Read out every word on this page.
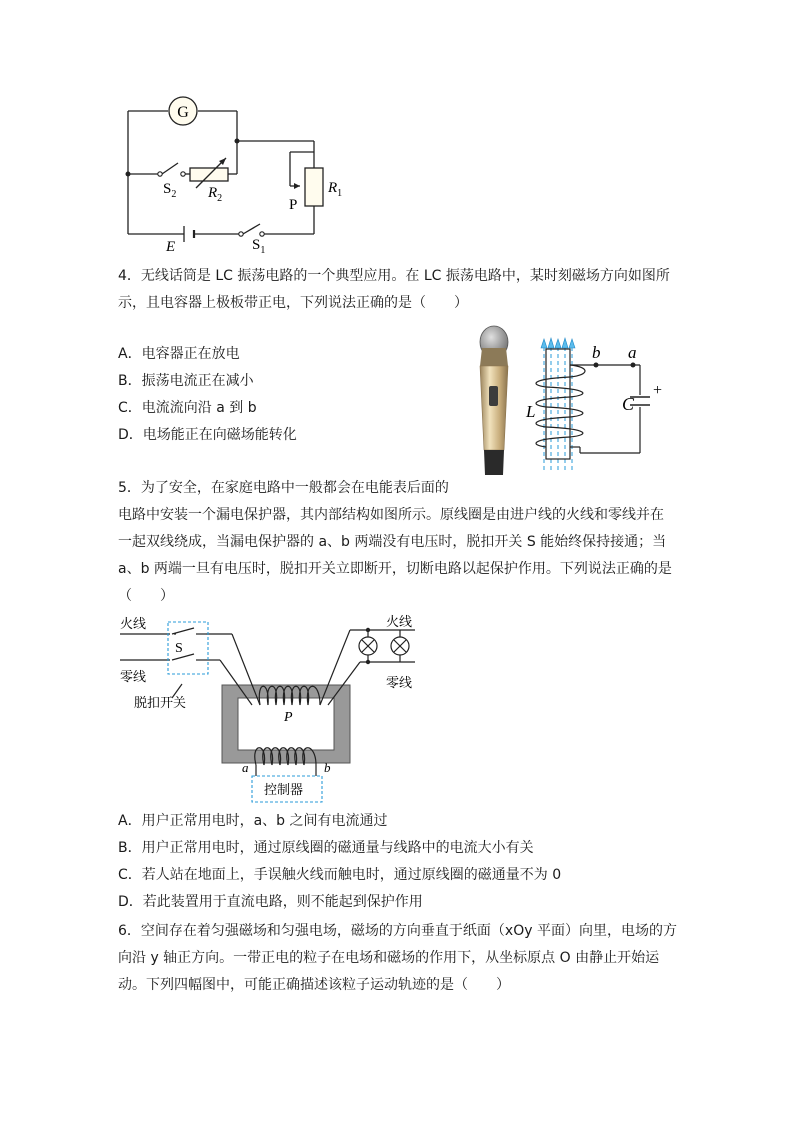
G
$S_2$ $R_2$
$R_1$
P
E	$S_1$
4．无线话筒是 LC 振荡电路的一个典型应用。在 LC 振荡电路中，某时刻磁场方向如图所
示，且电容器上极板带正电，下列说法正确的是（　　）
A．电容器正在放电
B．振荡电流正在减小
C．电流流向沿 a 到 b
D．电场能正在向磁场能转化
b a
L	C
+
5．为了安全，在家庭电路中一般都会在电能表后面的
电路中安装一个漏电保护器，其内部结构如图所示。原线圈是由进户线的火线和零线并在
一起双线绕成，当漏电保护器的 a、b 两端没有电压时，脱扣开关 S 能始终保持接通；当
a、b 两端一旦有电压时，脱扣开关立即断开，切断电路以起保护作用。下列说法正确的是
（　　）
火线
零线
S
脱扣开关
火线
零线
P
a	b
控制器
A．用户正常用电时，a、b 之间有电流通过
B．用户正常用电时，通过原线圈的磁通量与线路中的电流大小有关
C．若人站在地面上，手误触火线而触电时，通过原线圈的磁通量不为 0
D．若此装置用于直流电路，则不能起到保护作用
6．空间存在着匀强磁场和匀强电场，磁场的方向垂直于纸面（xOy 平面）向里，电场的方
向沿 y 轴正方向。一带正电的粒子在电场和磁场的作用下，从坐标原点 O 由静止开始运
动。下列四幅图中，可能正确描述该粒子运动轨迹的是（　　）
